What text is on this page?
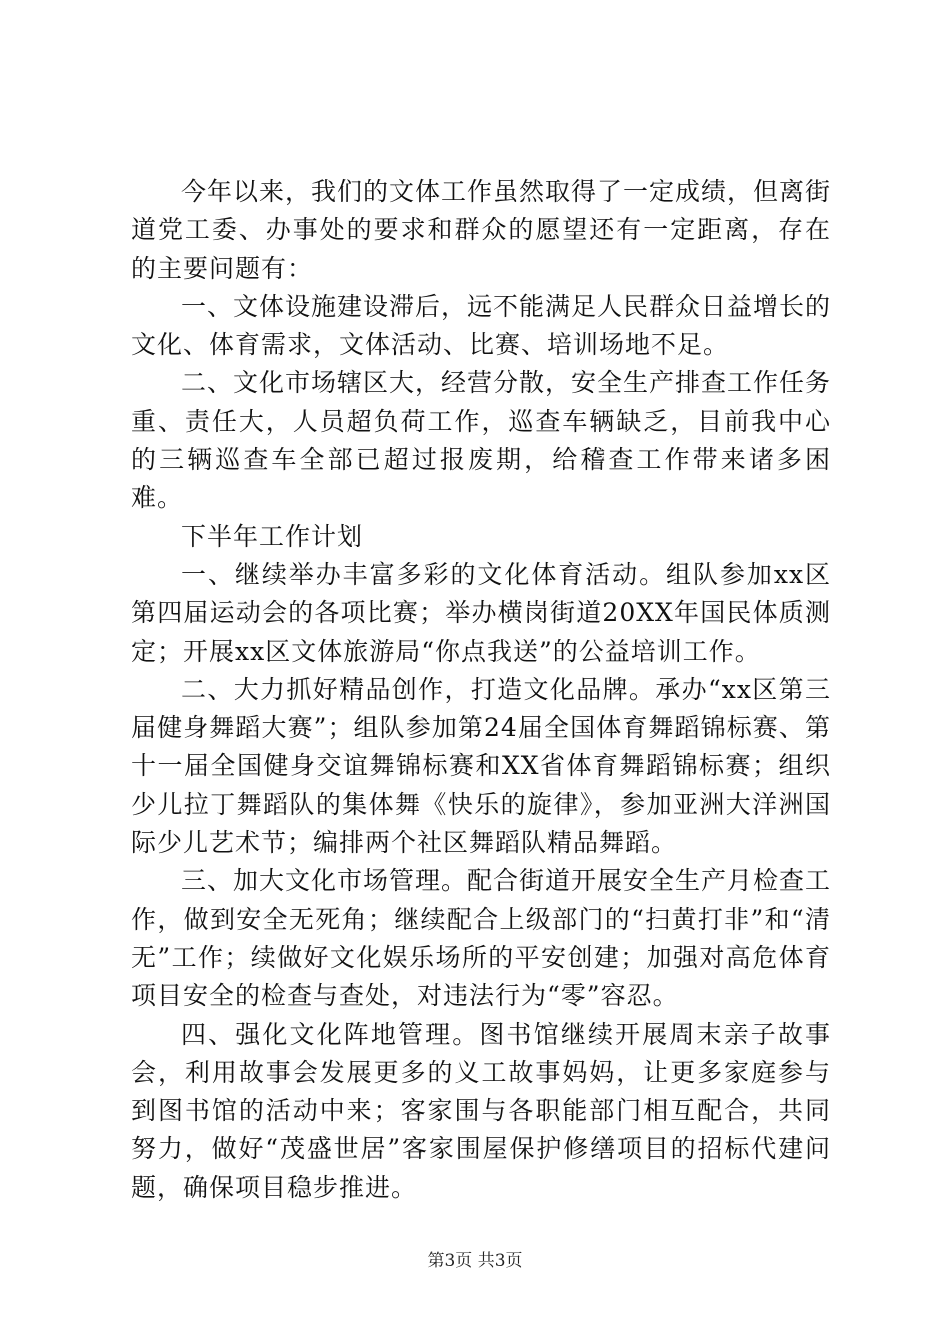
今年以来，我们的文体工作虽然取得了一定成绩，但离街道党工委、办事处的要求和群众的愿望还有一定距离，存在的主要问题有：

一、文体设施建设滞后，远不能满足人民群众日益增长的文化、体育需求，文体活动、比赛、培训场地不足。

二、文化市场辖区大，经营分散，安全生产排查工作任务重、责任大，人员超负荷工作，巡查车辆缺乏，目前我中心的三辆巡查车全部已超过报废期，给稽查工作带来诸多困难。

下半年工作计划

一、继续举办丰富多彩的文化体育活动。组队参加xx区第四届运动会的各项比赛；举办横岗街道20XX年国民体质测定；开展xx区文体旅游局“你点我送”的公益培训工作。

二、大力抓好精品创作，打造文化品牌。承办“xx区第三届健身舞蹈大赛”；组队参加第24届全国体育舞蹈锦标赛、第十一届全国健身交谊舞锦标赛和XX省体育舞蹈锦标赛；组织少儿拉丁舞蹈队的集体舞《快乐的旋律》，参加亚洲大洋洲国际少儿艺术节；编排两个社区舞蹈队精品舞蹈。

三、加大文化市场管理。配合街道开展安全生产月检查工作，做到安全无死角；继续配合上级部门的“扫黄打非”和“清无”工作；续做好文化娱乐场所的平安创建；加强对高危体育项目安全的检查与查处，对违法行为“零”容忍。

四、强化文化阵地管理。图书馆继续开展周末亲子故事会，利用故事会发展更多的义工故事妈妈，让更多家庭参与到图书馆的活动中来；客家围与各职能部门相互配合，共同努力，做好“茂盛世居”客家围屋保护修缮项目的招标代建问题，确保项目稳步推进。

第3页 共3页
